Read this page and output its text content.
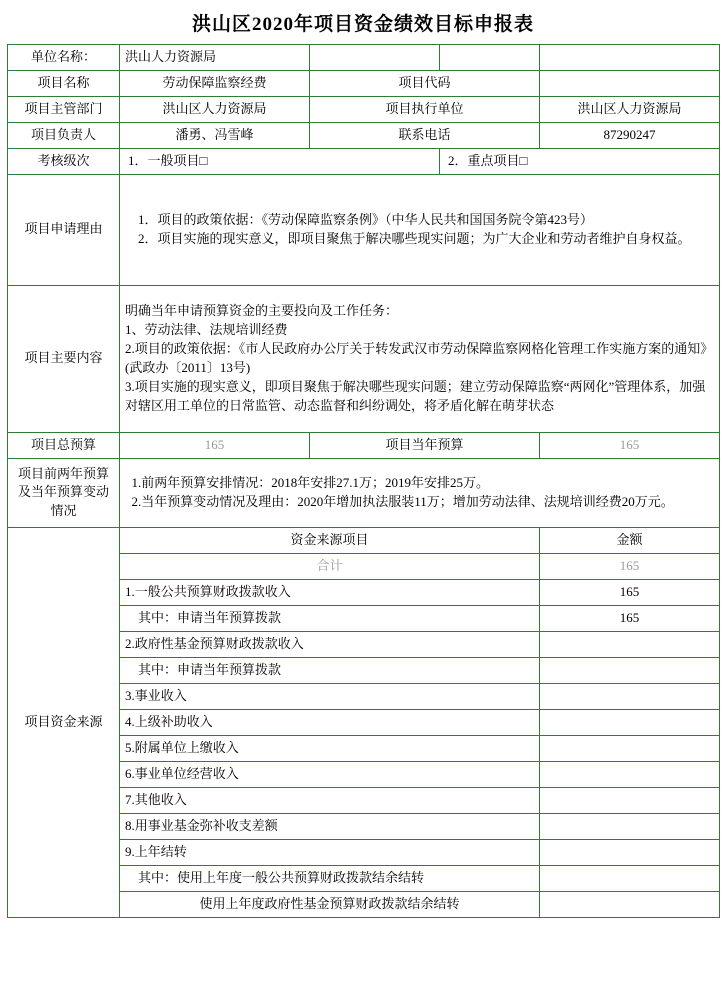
洪山区2020年项目资金绩效目标申报表
单位名称：	洪山人力资源局			
项目名称	劳动保障监察经费	项目代码		
项目主管部门	洪山区人力资源局	项目执行单位		洪山区人力资源局
项目负责人	潘勇、冯雪峰	联系电话		87290247
考核级次	1．一般项目□		2．重点项目□	
项目申请理由	1．项目的政策依据：《劳动保障监察条例》（中华人民共和国国务院令第423号）
2．项目实施的现实意义，即项目聚焦于解决哪些现实问题；为广大企业和劳动者维护自身权益。			

项目主要内容	明确当年申请预算资金的主要投向及工作任务：
1、劳动法律、法规培训经费
2.项目的政策依据：《市人民政府办公厅关于转发武汉市劳动保障监察网格化管理工作实施方案的通知》(武政办〔2011〕13号)
3.项目实施的现实意义，即项目聚焦于解决哪些现实问题；建立劳动保障监察“两网化”管理体系，加强对辖区用工单位的日常监管、动态监督和纠纷调处，将矛盾化解在萌芽状态			

项目总预算	165	项目当年预算		165
项目前两年预算及当年预算变动情况	1.前两年预算安排情况：2018年安排27.1万；2019年安排25万。
2.当年预算变动情况及理由：2020年增加执法服装11万；增加劳动法律、法规培训经费20万元。			

项目资金来源	资金来源项目			金额
	合计			165
	1.一般公共预算财政拨款收入			165
	其中：申请当年预算拨款			165
	2.政府性基金预算财政拨款收入			
	其中：申请当年预算拨款			
	3.事业收入			
	4.上级补助收入			
	5.附属单位上缴收入			
	6.事业单位经营收入			
	7.其他收入			
	8.用事业基金弥补收支差额			
	9.上年结转			
	其中：使用上年度一般公共预算财政拨款结余结转			
	使用上年度政府性基金预算财政拨款结余结转			
